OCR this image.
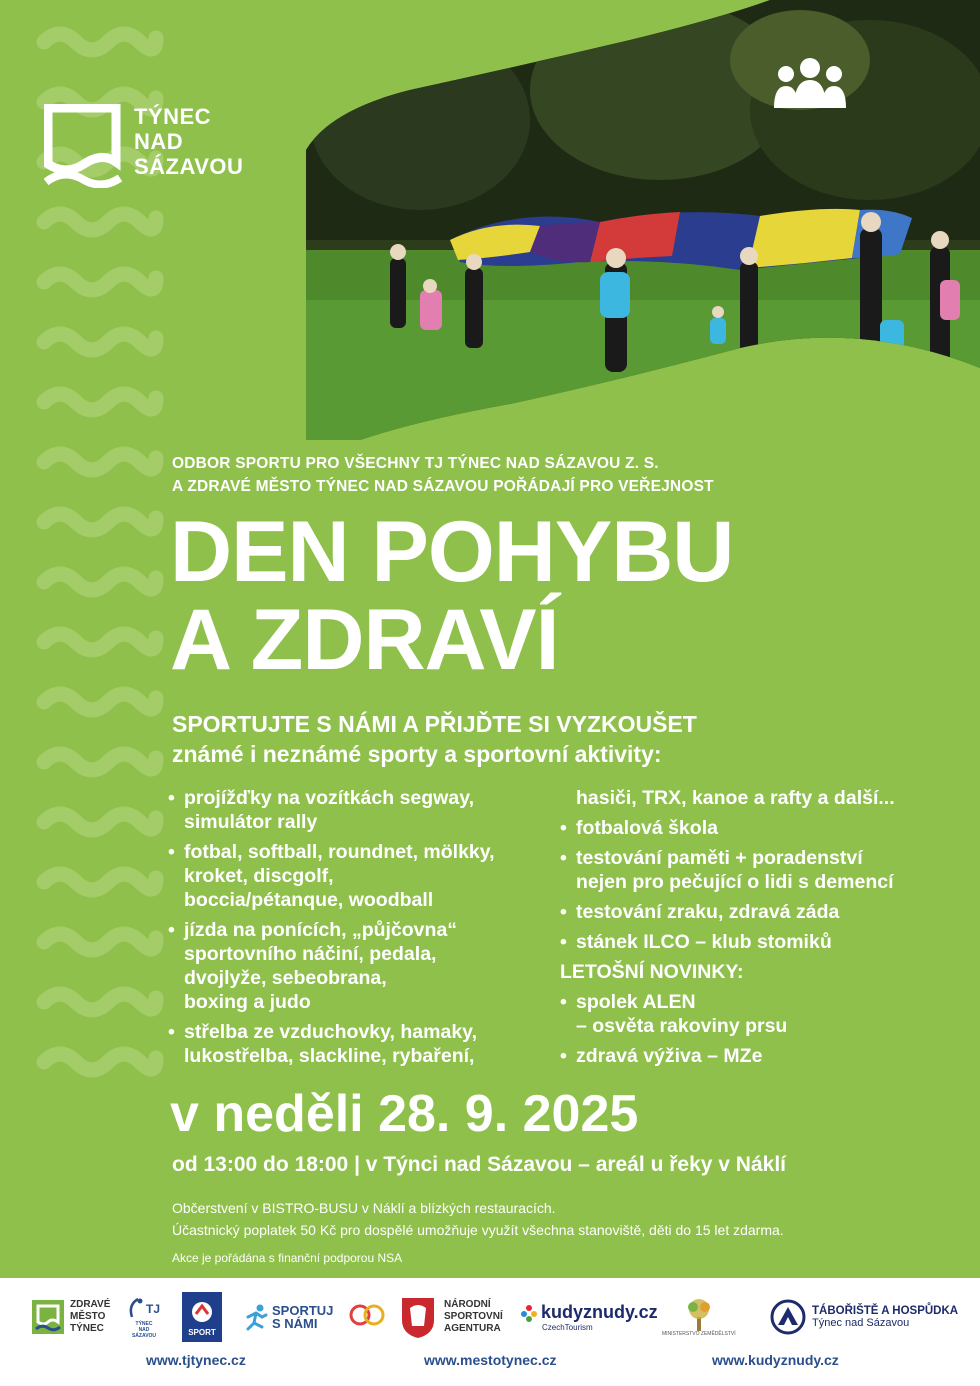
TÝNEC
NAD
SÁZAVOU
ODBOR SPORTU PRO VŠECHNY TJ TÝNEC NAD SÁZAVOU Z. S.
A ZDRAVÉ MĚSTO TÝNEC NAD SÁZAVOU POŘÁDAJÍ PRO VEŘEJNOST
DEN POHYBU
A ZDRAVÍ
SPORTUJTE S NÁMI A PŘIJĎTE SI VYZKOUŠET
známé i neznámé sporty a sportovní aktivity:
• projížďky na vozítkách segway,
simulátor rally
• fotbal, softball, roundnet, mölkky,
kroket, discgolf,
boccia/pétanque, woodball
• jízda na ponících, „půjčovna“
sportovního náčiní, pedala,
dvojlyže, sebeobrana,
boxing a judo
• střelba ze vzduchovky, hamaky,
lukostřelba, slackline, rybaření,
hasiči, TRX, kanoe a rafty a další...
• fotbalová škola
• testování paměti + poradenství
nejen pro pečující o lidi s demencí
• testování zraku, zdravá záda
• stánek ILCO – klub stomiků
LETOŠNÍ NOVINKY:
• spolek ALEN
– osvěta rakoviny prsu
• zdravá výživa – MZe
v neděli 28. 9. 2025
od 13:00 do 18:00 | v Týnci nad Sázavou – areál u řeky v Náklí
Občerstvení v BISTRO-BUSU v Náklí a blízkých restauracích.
Účastnický poplatek 50 Kč pro dospělé umožňuje využít všechna stanoviště, děti do 15 let zdarma.
Akce je pořádána s finanční podporou NSA
ZDRAVÉ
MĚSTO
TÝNEC
TJ
TÝNEC
NAD
SÁZAVOU	SPORT
SPORTUJ
S NÁMI
NÁRODNÍ
SPORTOVNÍ
AGENTURA
kudyznudy.cz
CzechTourism
MINISTERSTVO ZEMĚDĚLSTVÍ
TÁBOŘIŠTĚ A HOSPŮDKA
Týnec nad Sázavou
www.tjtynec.cz	www.mestotynec.cz	www.kudyznudy.cz
